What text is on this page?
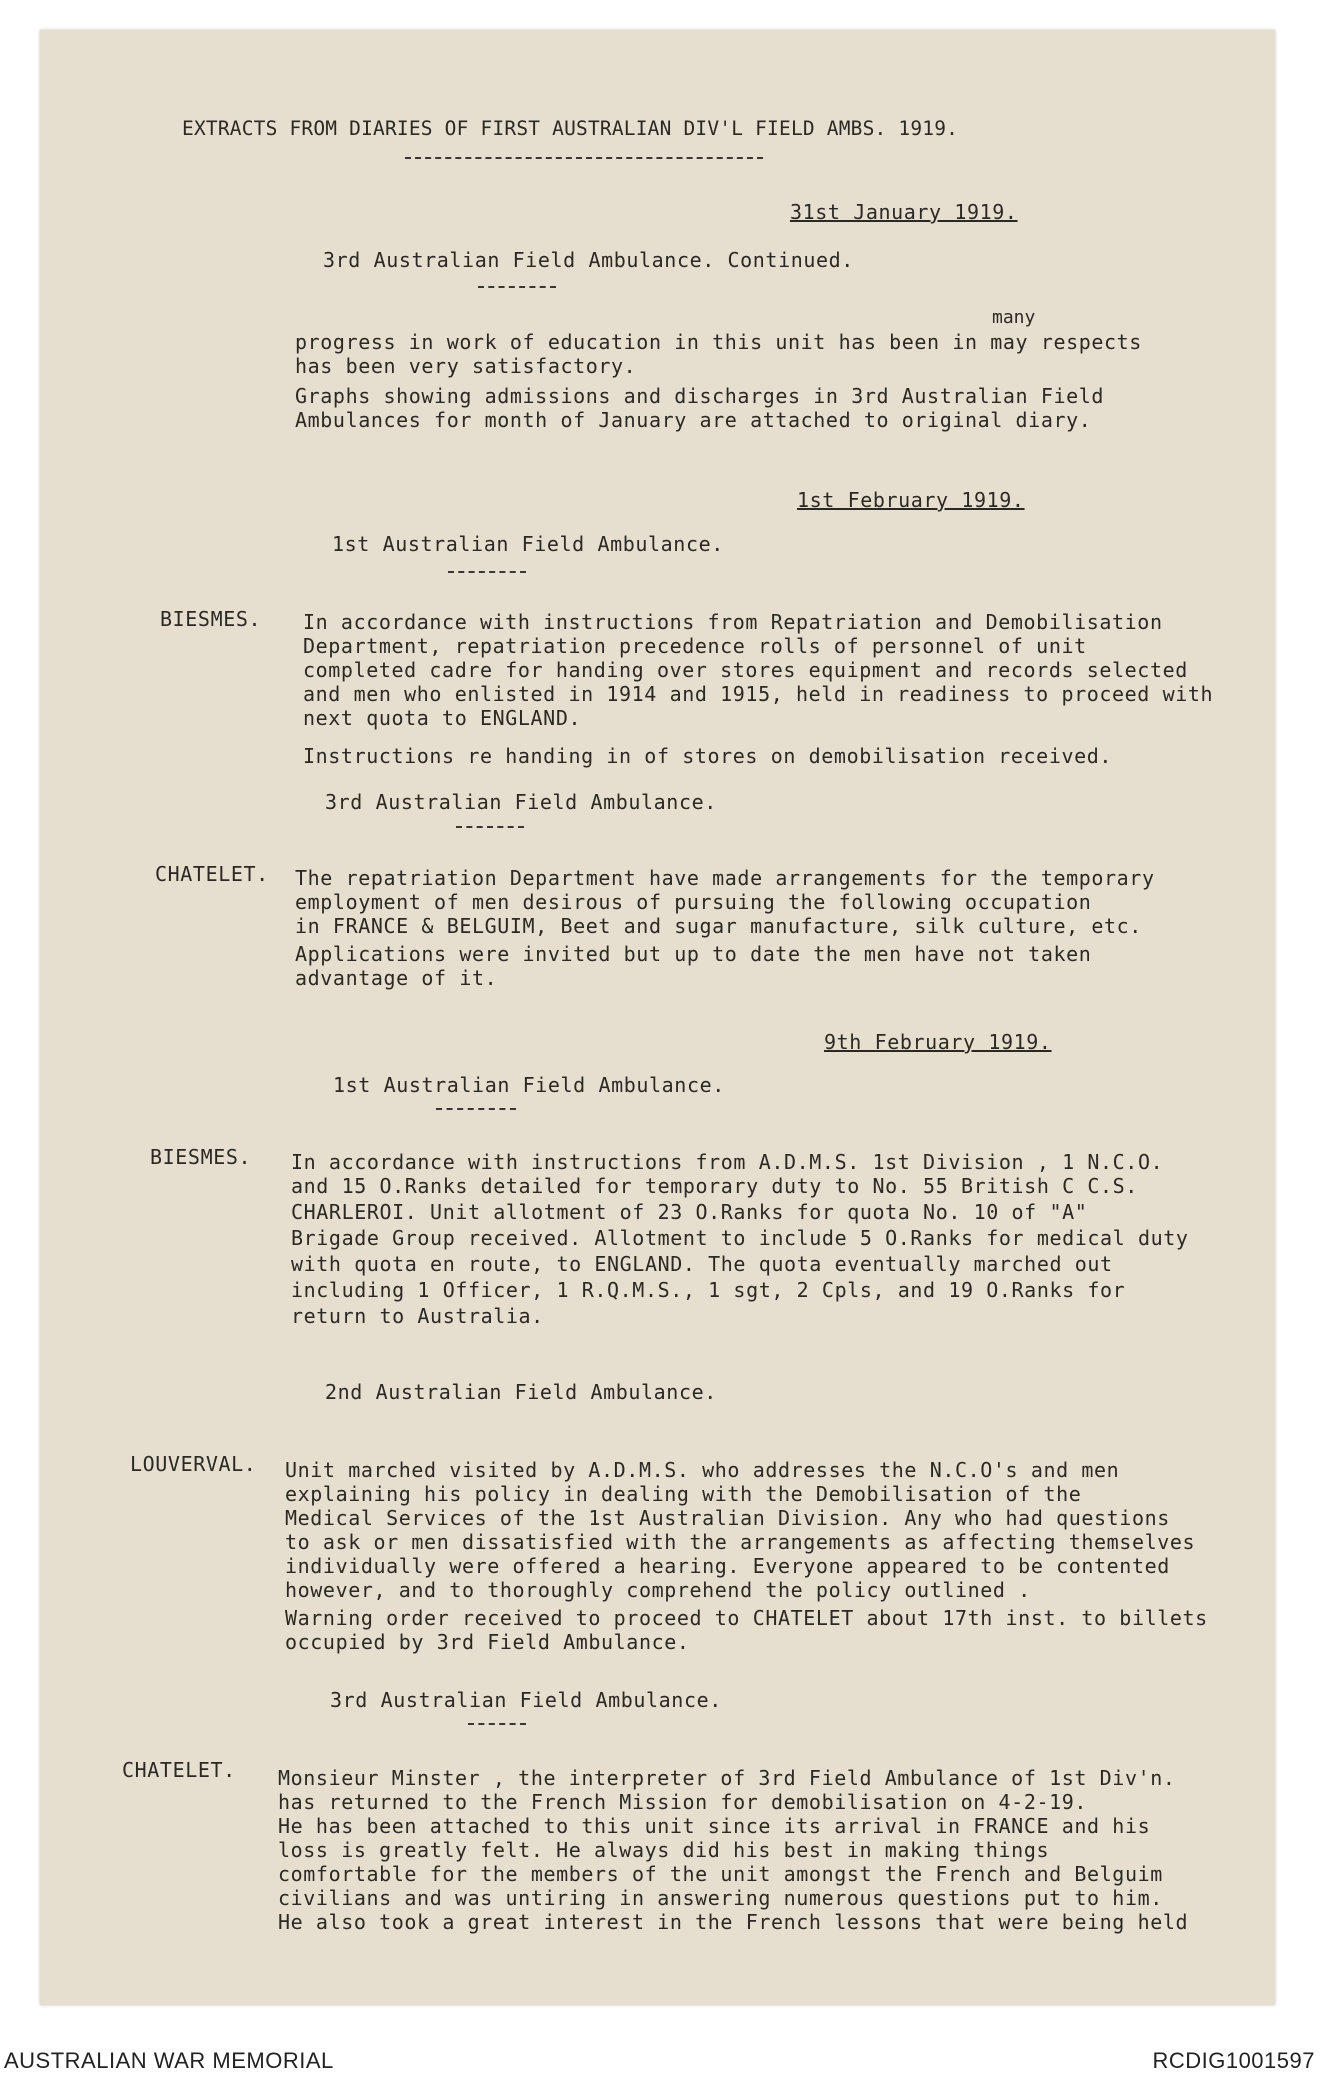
EXTRACTS FROM DIARIES OF FIRST AUSTRALIAN DIV'L FIELD AMBS. 1919.
31st January 1919.
3rd Australian Field Ambulance. Continued.
many
progress in work of education in this unit has been in may respects
has been very satisfactory.
Graphs showing admissions and discharges in 3rd Australian Field
Ambulances for month of January are attached to original diary.
1st February 1919.
1st Australian Field Ambulance.
BIESMES. In accordance with instructions from Repatriation and Demobilisation
Department, repatriation precedence rolls of personnel of unit
completed cadre for handing over stores equipment and records selected
and men who enlisted in 1914 and 1915, held in readiness to proceed with
next quota to ENGLAND.
Instructions re handing in of stores on demobilisation received.
3rd Australian Field Ambulance.
CHATELET. The repatriation Department have made arrangements for the temporary
employment of men desirous of pursuing the following occupation
in FRANCE & BELGUIM, Beet and sugar manufacture, silk culture, etc.
Applications were invited but up to date the men have not taken
advantage of it.
9th February 1919.
1st Australian Field Ambulance.
BIESMES. In accordance with instructions from A.D.M.S. 1st Division , 1 N.C.O.
and 15 O.Ranks detailed for temporary duty to No. 55 British C C.S.
CHARLEROI. Unit allotment of 23 O.Ranks for quota No. 10 of "A"
Brigade Group received. Allotment to include 5 O.Ranks for medical duty
with quota en route, to ENGLAND. The quota eventually marched out
including 1 Officer, 1 R.Q.M.S., 1 sgt, 2 Cpls, and 19 O.Ranks for
return to Australia.
2nd Australian Field Ambulance.
LOUVERVAL. Unit marched visited by A.D.M.S. who addresses the N.C.O's and men
explaining his policy in dealing with the Demobilisation of the
Medical Services of the 1st Australian Division. Any who had questions
to ask or men dissatisfied with the arrangements as affecting themselves
individually were offered a hearing. Everyone appeared to be contented
however, and to thoroughly comprehend the policy outlined .
Warning order received to proceed to CHATELET about 17th inst. to billets
occupied by 3rd Field Ambulance.
3rd Australian Field Ambulance.
CHATELET. Monsieur Minster , the interpreter of 3rd Field Ambulance of 1st Div'n.
has returned to the French Mission for demobilisation on 4-2-19.
He has been attached to this unit since its arrival in FRANCE and his
loss is greatly felt. He always did his best in making things
comfortable for the members of the unit amongst the French and Belguim
civilians and was untiring in answering numerous questions put to him.
He also took a great interest in the French lessons that were being held
AUSTRALIAN WAR MEMORIAL	RCDIG1001597
